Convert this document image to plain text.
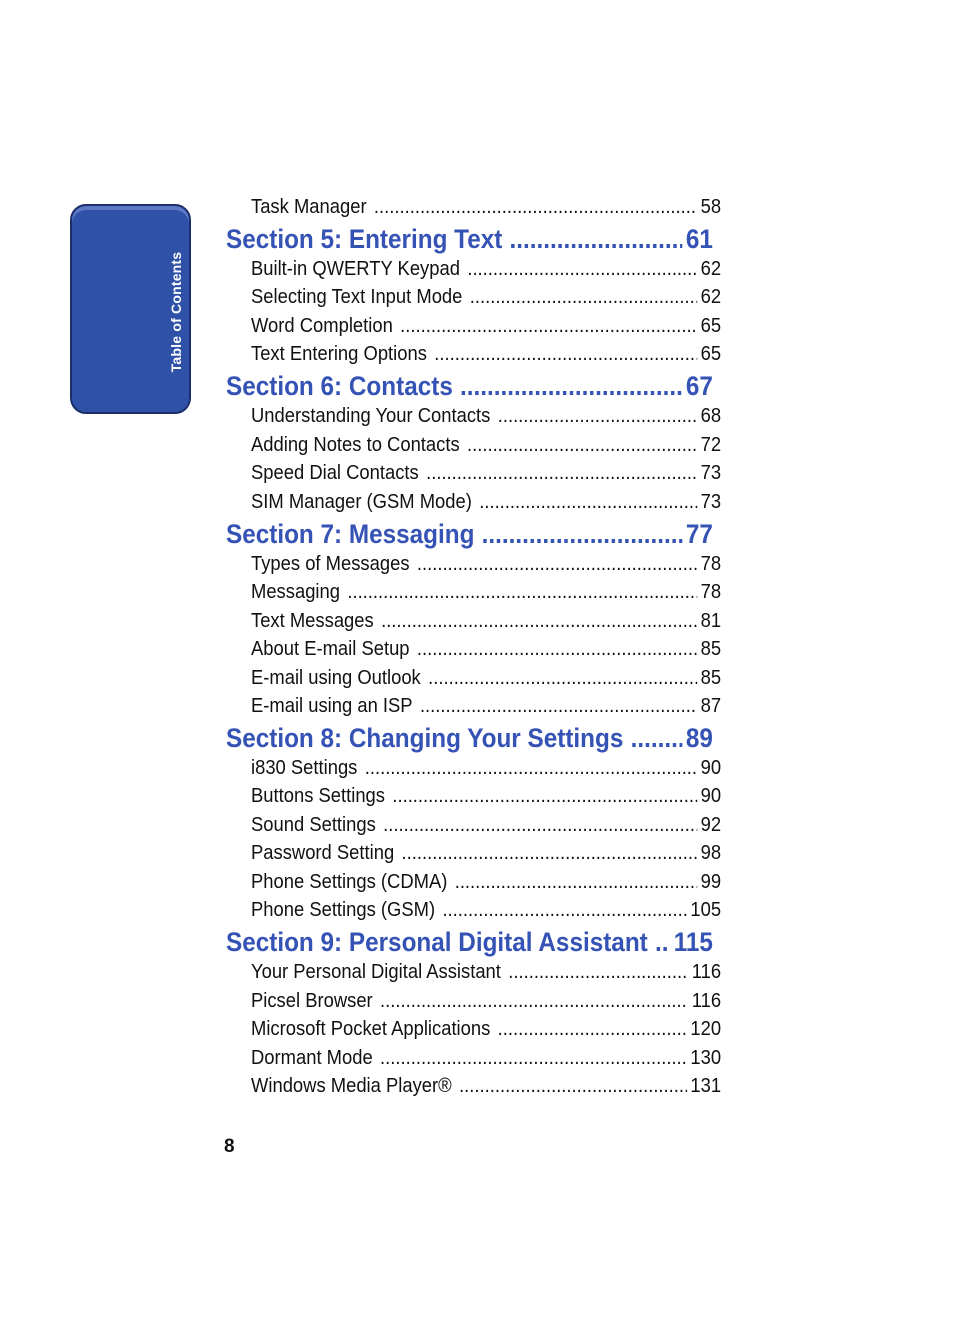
Table of Contents
Task Manager .....	58
Section 5: Entering Text .....	61
Built-in QWERTY Keypad .....	62
Selecting Text Input Mode .....	62
Word Completion .....	65
Text Entering Options .....	65
Section 6: Contacts .....	67
Understanding Your Contacts .....	68
Adding Notes to Contacts .....	72
Speed Dial Contacts .....	73
SIM Manager (GSM Mode) .....	73
Section 7: Messaging .....	77
Types of Messages .....	78
Messaging .....	78
Text Messages .....	81
About E-mail Setup .....	85
E-mail using Outlook .....	85
E-mail using an ISP .....	87
Section 8: Changing Your Settings ..... 89
i830 Settings .....	90
Buttons Settings .....	90
Sound Settings .....	92
Password Setting .....	98
Phone Settings (CDMA) .....	99
Phone Settings (GSM) .....	105
Section 9: Personal Digital Assistant ..... 115
Your Personal Digital Assistant .....	116
Picsel Browser .....	116
Microsoft Pocket Applications .....	120
Dormant Mode .....	130
Windows Media Player® .....	131
8
